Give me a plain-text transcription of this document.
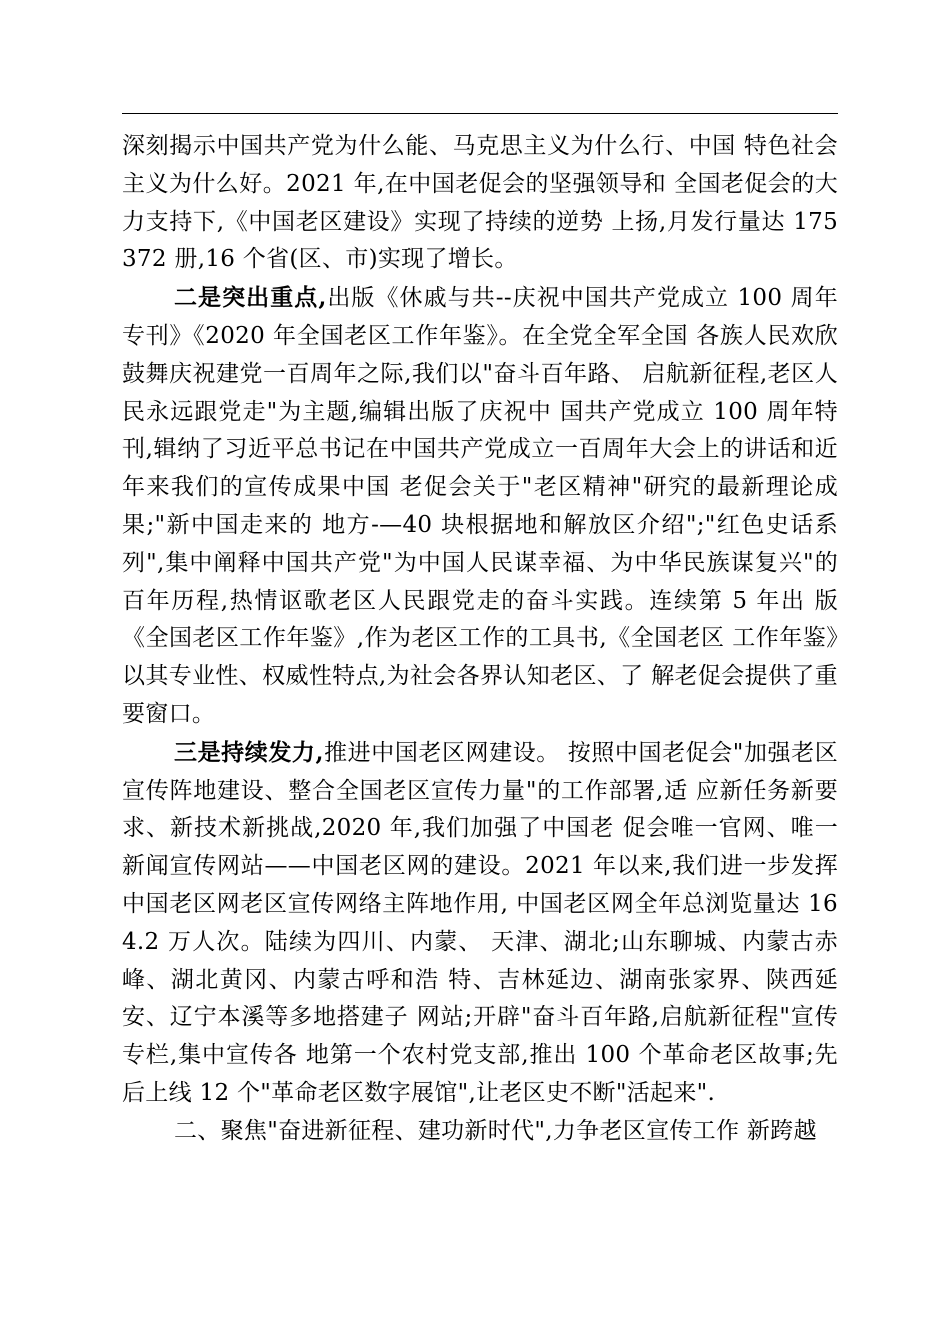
深刻揭示中国共产党为什么能、马克思主义为什么行、中国 特色社会主义为什么好。2021 年,在中国老促会的坚强领导和 全国老促会的大力支持下,《中国老区建设》实现了持续的逆势 上扬,月发行量达 175372 册,16 个省(区、市)实现了增长。

二是突出重点,出版《休戚与共--庆祝中国共产党成立 100 周年专刊》《2020 年全国老区工作年鉴》。在全党全军全国 各族人民欢欣鼓舞庆祝建党一百周年之际,我们以"奋斗百年路、 启航新征程,老区人民永远跟党走"为主题,编辑出版了庆祝中 国共产党成立 100 周年特刊,辑纳了习近平总书记在中国共产党成立一百周年大会上的讲话和近年来我们的宣传成果中国 老促会关于"老区精神"研究的最新理论成果;"新中国走来的 地方-—40 块根据地和解放区介绍";"红色史话系列",集中阐释中国共产党"为中国人民谋幸福、为中华民族谋复兴"的 百年历程,热情讴歌老区人民跟党走的奋斗实践。连续第 5 年出 版《全国老区工作年鉴》,作为老区工作的工具书,《全国老区 工作年鉴》以其专业性、权威性特点,为社会各界认知老区、了 解老促会提供了重要窗口。

三是持续发力,推进中国老区网建设。 按照中国老促会"加强老区宣传阵地建设、整合全国老区宣传力量"的工作部署,适 应新任务新要求、新技术新挑战,2020 年,我们加强了中国老 促会唯一官网、唯一新闻宣传网站——中国老区网的建设。2021 年以来,我们进一步发挥中国老区网老区宣传网络主阵地作用, 中国老区网全年总浏览量达 164.2 万人次。陆续为四川、内蒙、 天津、湖北;山东聊城、内蒙古赤峰、湖北黄冈、内蒙古呼和浩 特、吉林延边、湖南张家界、陕西延安、辽宁本溪等多地搭建子 网站;开辟"奋斗百年路,启航新征程"宣传专栏,集中宣传各 地第一个农村党支部,推出 100 个革命老区故事;先后上线 12 个"革命老区数字展馆",让老区史不断"活起来".

二、聚焦"奋进新征程、建功新时代",力争老区宣传工作 新跨越
